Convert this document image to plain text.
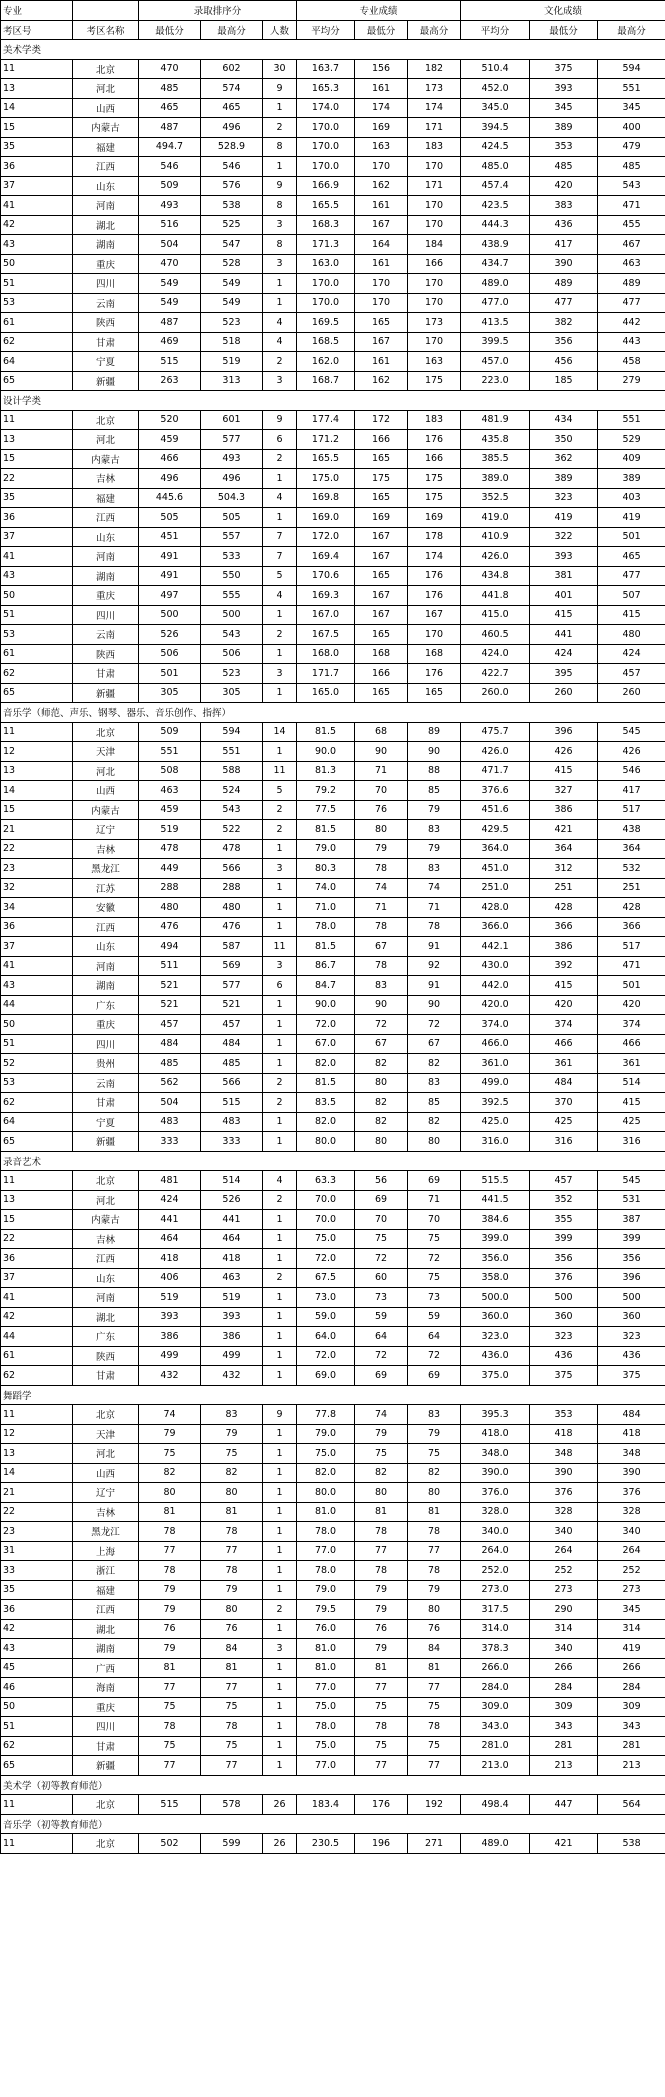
专业		录取排序分			专业成绩			文化成绩		
考区号	考区名称	最低分	最高分	人数	平均分	最低分	最高分	平均分	最低分	最高分
美术学类										
11	北京	470	602	30	163.7	156	182	510.4	375	594
13	河北	485	574	9	165.3	161	173	452.0	393	551
14	山西	465	465	1	174.0	174	174	345.0	345	345
15	内蒙古	487	496	2	170.0	169	171	394.5	389	400
35	福建	494.7	528.9	8	170.0	163	183	424.5	353	479
36	江西	546	546	1	170.0	170	170	485.0	485	485
37	山东	509	576	9	166.9	162	171	457.4	420	543
41	河南	493	538	8	165.5	161	170	423.5	383	471
42	湖北	516	525	3	168.3	167	170	444.3	436	455
43	湖南	504	547	8	171.3	164	184	438.9	417	467
50	重庆	470	528	3	163.0	161	166	434.7	390	463
51	四川	549	549	1	170.0	170	170	489.0	489	489
53	云南	549	549	1	170.0	170	170	477.0	477	477
61	陕西	487	523	4	169.5	165	173	413.5	382	442
62	甘肃	469	518	4	168.5	167	170	399.5	356	443
64	宁夏	515	519	2	162.0	161	163	457.0	456	458
65	新疆	263	313	3	168.7	162	175	223.0	185	279
设计学类										
11	北京	520	601	9	177.4	172	183	481.9	434	551
13	河北	459	577	6	171.2	166	176	435.8	350	529
15	内蒙古	466	493	2	165.5	165	166	385.5	362	409
22	吉林	496	496	1	175.0	175	175	389.0	389	389
35	福建	445.6	504.3	4	169.8	165	175	352.5	323	403
36	江西	505	505	1	169.0	169	169	419.0	419	419
37	山东	451	557	7	172.0	167	178	410.9	322	501
41	河南	491	533	7	169.4	167	174	426.0	393	465
43	湖南	491	550	5	170.6	165	176	434.8	381	477
50	重庆	497	555	4	169.3	167	176	441.8	401	507
51	四川	500	500	1	167.0	167	167	415.0	415	415
53	云南	526	543	2	167.5	165	170	460.5	441	480
61	陕西	506	506	1	168.0	168	168	424.0	424	424
62	甘肃	501	523	3	171.7	166	176	422.7	395	457
65	新疆	305	305	1	165.0	165	165	260.0	260	260
音乐学（师范、声乐、钢琴、器乐、音乐创作、指挥）										
11	北京	509	594	14	81.5	68	89	475.7	396	545
12	天津	551	551	1	90.0	90	90	426.0	426	426
13	河北	508	588	11	81.3	71	88	471.7	415	546
14	山西	463	524	5	79.2	70	85	376.6	327	417
15	内蒙古	459	543	2	77.5	76	79	451.6	386	517
21	辽宁	519	522	2	81.5	80	83	429.5	421	438
22	吉林	478	478	1	79.0	79	79	364.0	364	364
23	黑龙江	449	566	3	80.3	78	83	451.0	312	532
32	江苏	288	288	1	74.0	74	74	251.0	251	251
34	安徽	480	480	1	71.0	71	71	428.0	428	428
36	江西	476	476	1	78.0	78	78	366.0	366	366
37	山东	494	587	11	81.5	67	91	442.1	386	517
41	河南	511	569	3	86.7	78	92	430.0	392	471
43	湖南	521	577	6	84.7	83	91	442.0	415	501
44	广东	521	521	1	90.0	90	90	420.0	420	420
50	重庆	457	457	1	72.0	72	72	374.0	374	374
51	四川	484	484	1	67.0	67	67	466.0	466	466
52	贵州	485	485	1	82.0	82	82	361.0	361	361
53	云南	562	566	2	81.5	80	83	499.0	484	514
62	甘肃	504	515	2	83.5	82	85	392.5	370	415
64	宁夏	483	483	1	82.0	82	82	425.0	425	425
65	新疆	333	333	1	80.0	80	80	316.0	316	316
录音艺术										
11	北京	481	514	4	63.3	56	69	515.5	457	545
13	河北	424	526	2	70.0	69	71	441.5	352	531
15	内蒙古	441	441	1	70.0	70	70	384.6	355	387
22	吉林	464	464	1	75.0	75	75	399.0	399	399
36	江西	418	418	1	72.0	72	72	356.0	356	356
37	山东	406	463	2	67.5	60	75	358.0	376	396
41	河南	519	519	1	73.0	73	73	500.0	500	500
42	湖北	393	393	1	59.0	59	59	360.0	360	360
44	广东	386	386	1	64.0	64	64	323.0	323	323
61	陕西	499	499	1	72.0	72	72	436.0	436	436
62	甘肃	432	432	1	69.0	69	69	375.0	375	375
舞蹈学										
11	北京	74	83	9	77.8	74	83	395.3	353	484
12	天津	79	79	1	79.0	79	79	418.0	418	418
13	河北	75	75	1	75.0	75	75	348.0	348	348
14	山西	82	82	1	82.0	82	82	390.0	390	390
21	辽宁	80	80	1	80.0	80	80	376.0	376	376
22	吉林	81	81	1	81.0	81	81	328.0	328	328
23	黑龙江	78	78	1	78.0	78	78	340.0	340	340
31	上海	77	77	1	77.0	77	77	264.0	264	264
33	浙江	78	78	1	78.0	78	78	252.0	252	252
35	福建	79	79	1	79.0	79	79	273.0	273	273
36	江西	79	80	2	79.5	79	80	317.5	290	345
42	湖北	76	76	1	76.0	76	76	314.0	314	314
43	湖南	79	84	3	81.0	79	84	378.3	340	419
45	广西	81	81	1	81.0	81	81	266.0	266	266
46	海南	77	77	1	77.0	77	77	284.0	284	284
50	重庆	75	75	1	75.0	75	75	309.0	309	309
51	四川	78	78	1	78.0	78	78	343.0	343	343
62	甘肃	75	75	1	75.0	75	75	281.0	281	281
65	新疆	77	77	1	77.0	77	77	213.0	213	213
美术学（初等教育师范）										
11	北京	515	578	26	183.4	176	192	498.4	447	564
音乐学（初等教育师范）										
11	北京	502	599	26	230.5	196	271	489.0	421	538
